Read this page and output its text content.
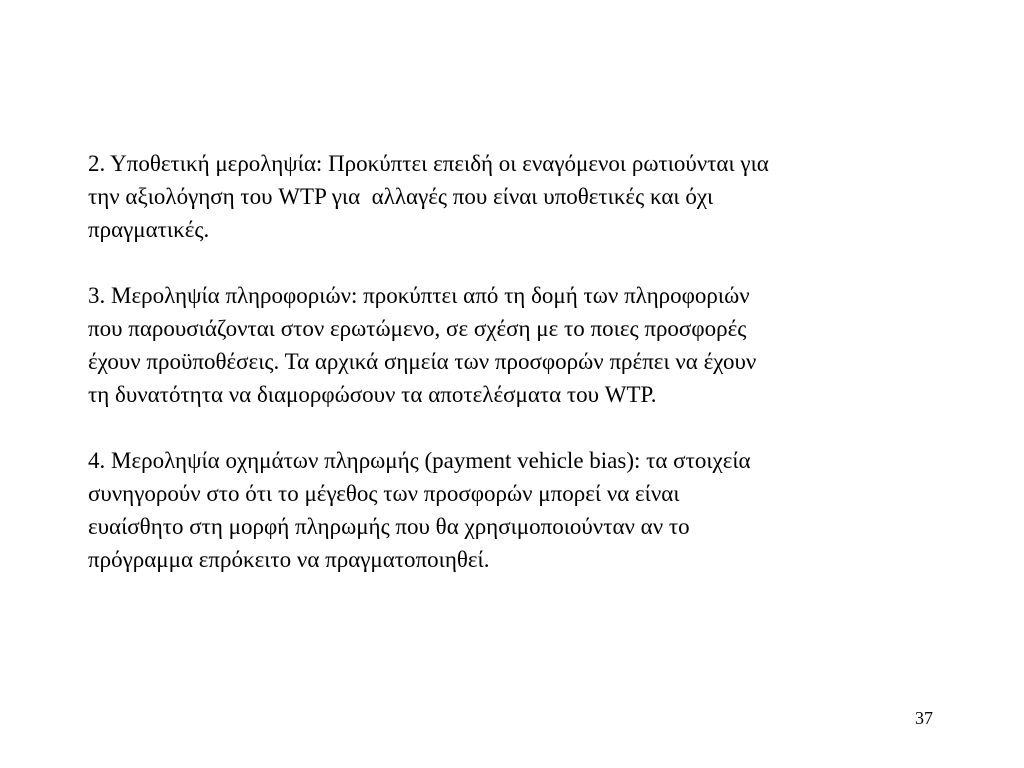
2. Υποθετική μεροληψία: Προκύπτει επειδή οι εναγόμενοι ρωτιούνται για
την αξιολόγηση του WTP για  αλλαγές που είναι υποθετικές και όχι
πραγματικές.

3. Μεροληψία πληροφοριών: προκύπτει από τη δομή των πληροφοριών
που παρουσιάζονται στον ερωτώμενο, σε σχέση με το ποιες προσφορές
έχουν προϋποθέσεις. Τα αρχικά σημεία των προσφορών πρέπει να έχουν
τη δυνατότητα να διαμορφώσουν τα αποτελέσματα του WTP.

4. Μεροληψία οχημάτων πληρωμής (payment vehicle bias): τα στοιχεία
συνηγορούν στο ότι το μέγεθος των προσφορών μπορεί να είναι
ευαίσθητο στη μορφή πληρωμής που θα χρησιμοποιούνταν αν το
πρόγραμμα επρόκειτο να πραγματοποιηθεί.

37
